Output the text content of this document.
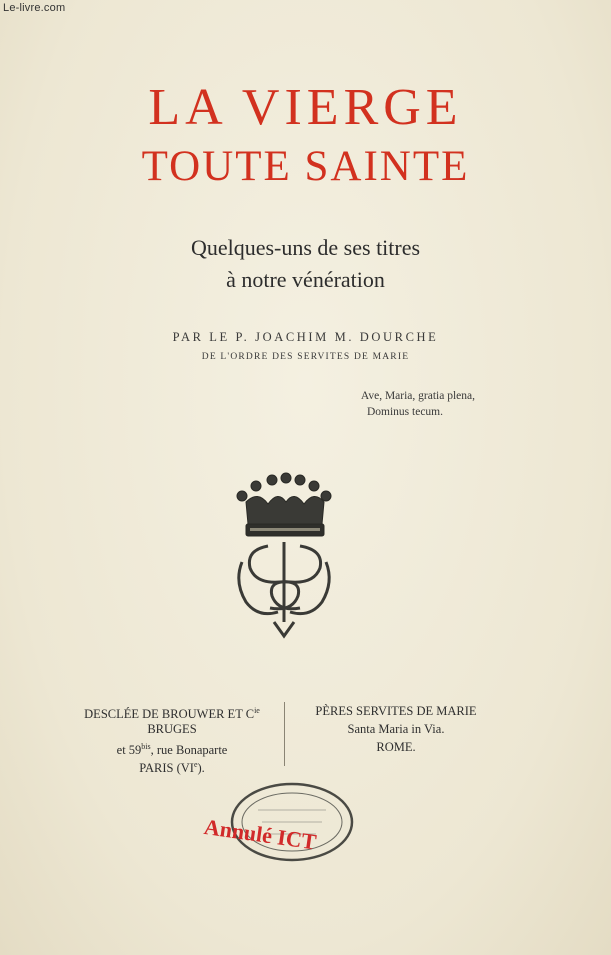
Le-livre.com
LA VIERGE
TOUTE SAINTE
Quelques-uns de ses titres
à notre vénération
PAR LE P. JOACHIM M. DOURCHE
DE L'ORDRE DES SERVITES DE MARIE
Ave, Maria, gratia plena,
Dominus tecum.
DESCLÉE DE BROUWER ET $C^{ie}$
BRUGES
et $59^{bis}$, rue Bonaparte
PARIS (VIe).
PÈRES SERVITES DE MARIE
Santa Maria in Via.
ROME.
Annulé ICT
